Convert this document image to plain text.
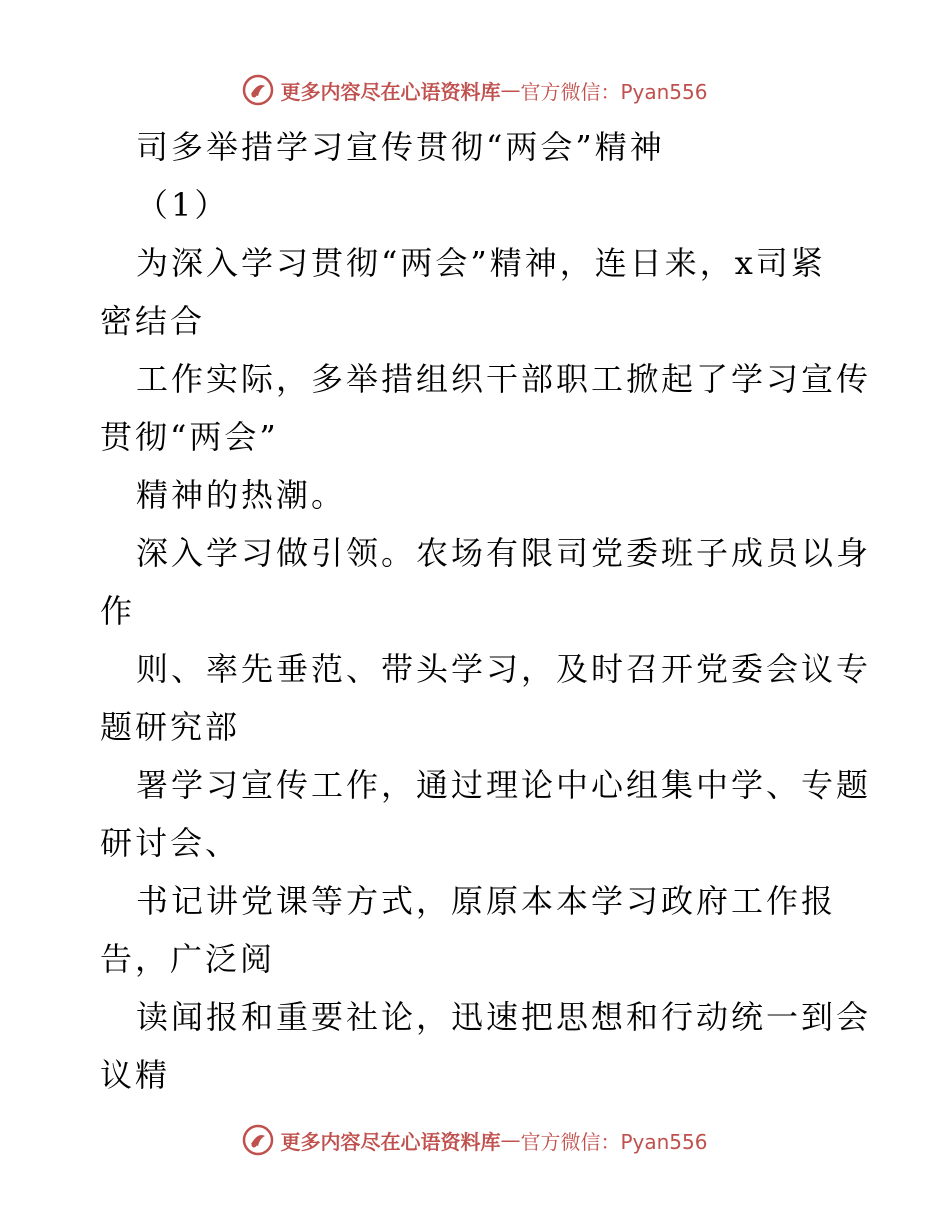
更多内容尽在心语资料库 — 官方微信：Pyan556
司多举措学习宣传贯彻“两会”精神
（1）
为深入学习贯彻“两会”精神，连日来，x司紧
密结合
工作实际，多举措组织干部职工掀起了学习宣传
贯彻“两会”
精神的热潮。
深入学习做引领。农场有限司党委班子成员以身
作
则、率先垂范、带头学习，及时召开党委会议专
题研究部
署学习宣传工作，通过理论中心组集中学、专题
研讨会、
书记讲党课等方式，原原本本学习政府工作报
告，广泛阅
读闻报和重要社论，迅速把思想和行动统一到会
议精
更多内容尽在心语资料库 — 官方微信：Pyan556
